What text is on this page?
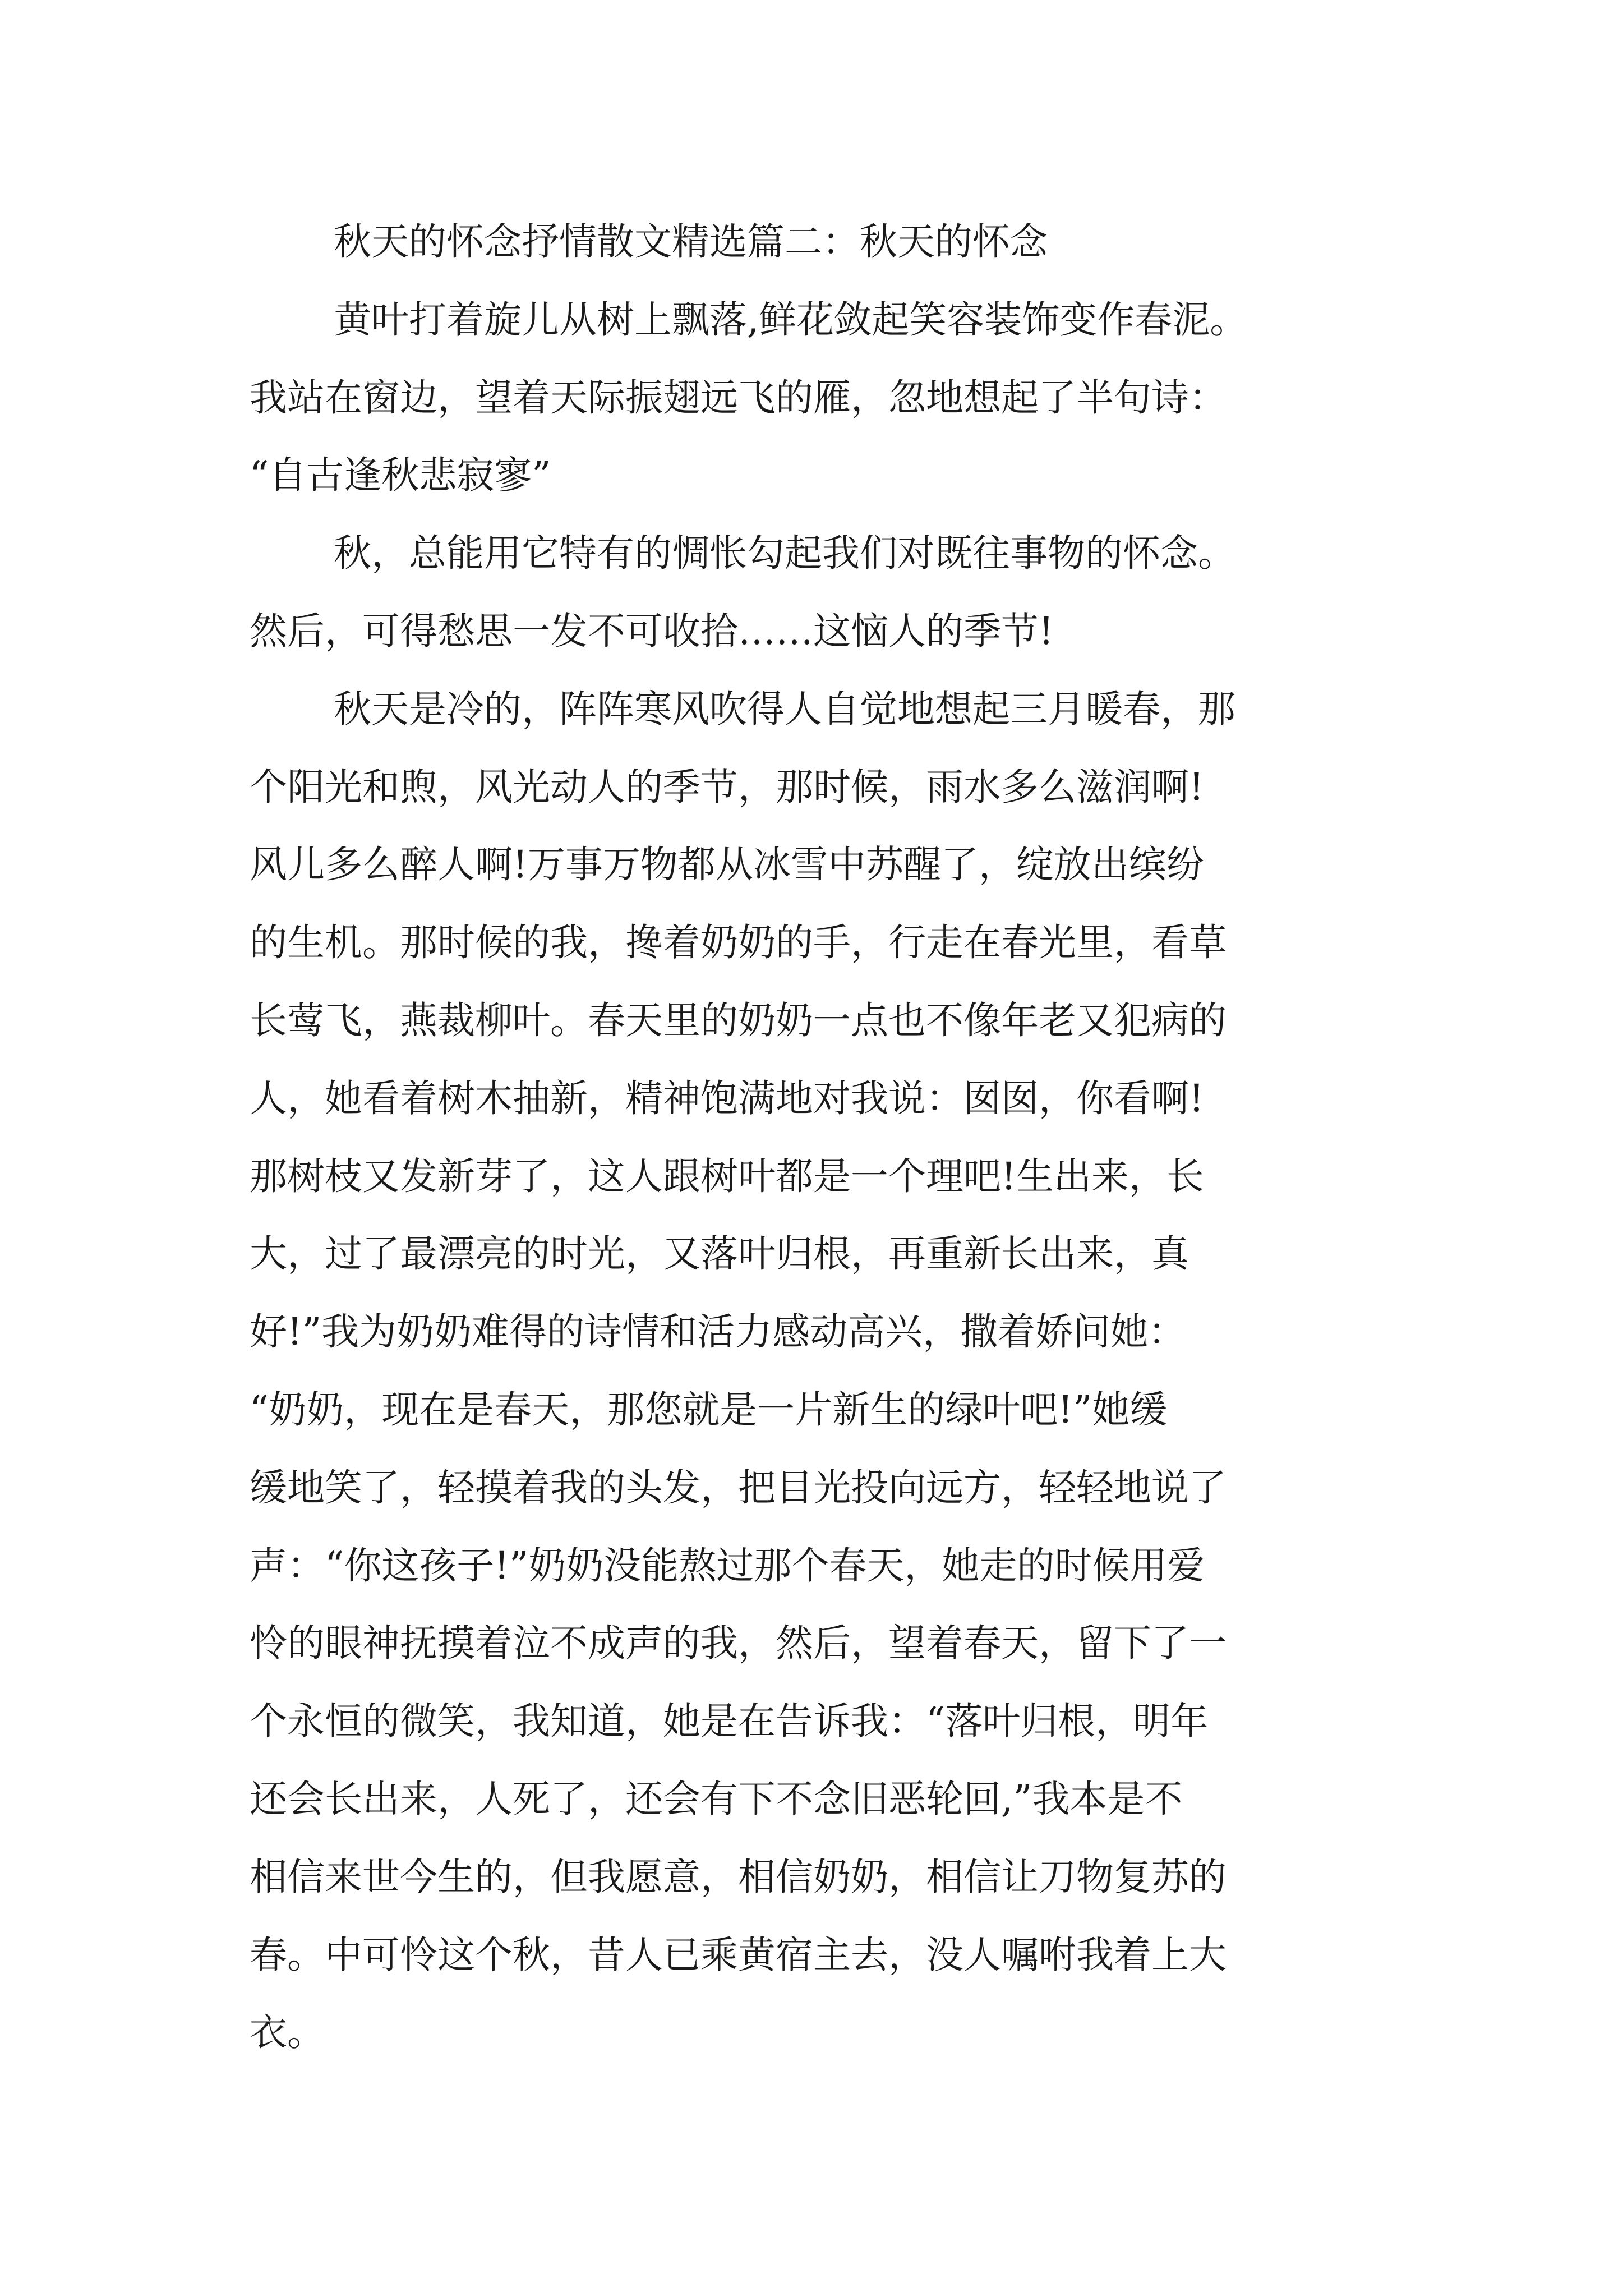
秋天的怀念抒情散文精选篇二：秋天的怀念

黄叶打着旋儿从树上飘落,鲜花敛起笑容装饰变作春泥。

我站在窗边，望着天际振翅远飞的雁，忽地想起了半句诗：

“自古逢秋悲寂寥”

秋，总能用它特有的惆怅勾起我们对既往事物的怀念。

然后，可得愁思一发不可收拾……这恼人的季节!

秋天是冷的，阵阵寒风吹得人自觉地想起三月暖春，那

个阳光和煦，风光动人的季节，那时候，雨水多么滋润啊!

风儿多么醉人啊!万事万物都从冰雪中苏醒了，绽放出缤纷

的生机。那时候的我，搀着奶奶的手，行走在春光里，看草

长莺飞，燕裁柳叶。春天里的奶奶一点也不像年老又犯病的

人，她看着树木抽新，精神饱满地对我说：囡囡，你看啊!

那树枝又发新芽了，这人跟树叶都是一个理吧!生出来，长

大，过了最漂亮的时光，又落叶归根，再重新长出来，真

好!”我为奶奶难得的诗情和活力感动高兴，撒着娇问她：

“奶奶，现在是春天，那您就是一片新生的绿叶吧!”她缓

缓地笑了，轻摸着我的头发，把目光投向远方，轻轻地说了

声：“你这孩子!”奶奶没能熬过那个春天，她走的时候用爱

怜的眼神抚摸着泣不成声的我，然后，望着春天，留下了一

个永恒的微笑，我知道，她是在告诉我：“落叶归根，明年

还会长出来，人死了，还会有下不念旧恶轮回,”我本是不

相信来世今生的，但我愿意，相信奶奶，相信让刀物复苏的

春。中可怜这个秋，昔人已乘黄宿主去，没人嘱咐我着上大

衣。
